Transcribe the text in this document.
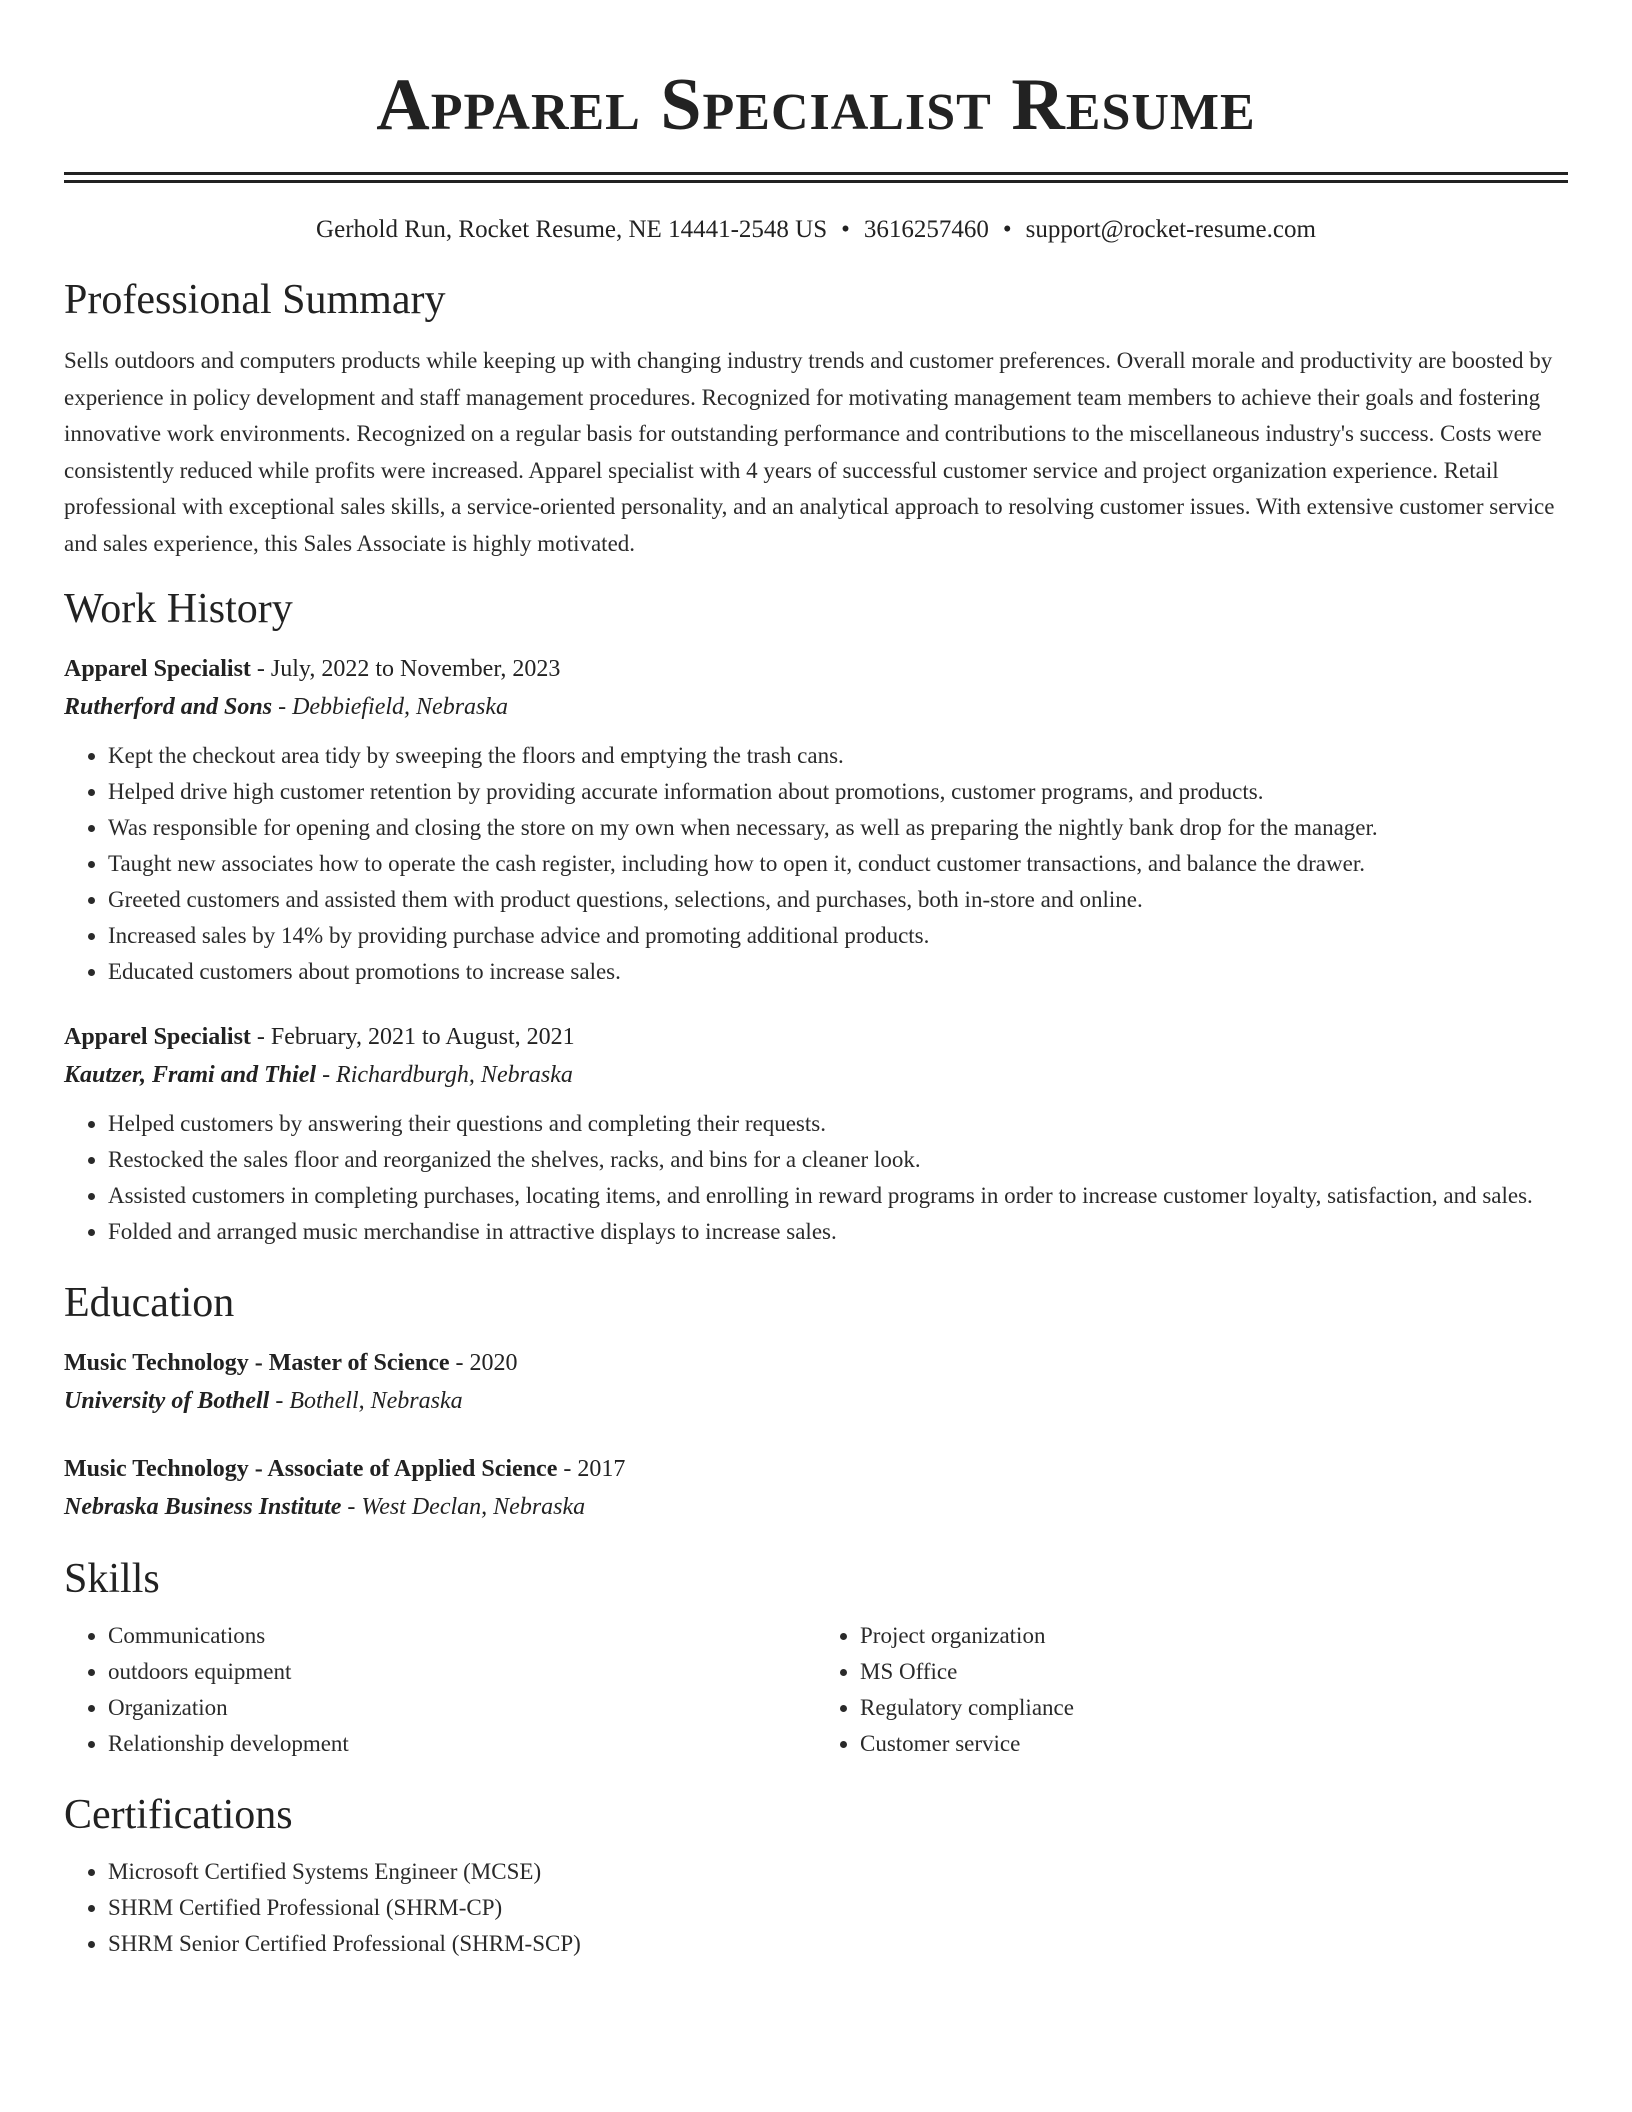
Apparel Specialist Resume
Gerhold Run, Rocket Resume, NE 14441-2548 US • 3616257460 • support@rocket-resume.com
Professional Summary
Sells outdoors and computers products while keeping up with changing industry trends and customer preferences. Overall morale and productivity are boosted by experience in policy development and staff management procedures. Recognized for motivating management team members to achieve their goals and fostering innovative work environments. Recognized on a regular basis for outstanding performance and contributions to the miscellaneous industry's success. Costs were consistently reduced while profits were increased. Apparel specialist with 4 years of successful customer service and project organization experience. Retail professional with exceptional sales skills, a service-oriented personality, and an analytical approach to resolving customer issues. With extensive customer service and sales experience, this Sales Associate is highly motivated.
Work History
Apparel Specialist - July, 2022 to November, 2023
Rutherford and Sons - Debbiefield, Nebraska
• Kept the checkout area tidy by sweeping the floors and emptying the trash cans.
• Helped drive high customer retention by providing accurate information about promotions, customer programs, and products.
• Was responsible for opening and closing the store on my own when necessary, as well as preparing the nightly bank drop for the manager.
• Taught new associates how to operate the cash register, including how to open it, conduct customer transactions, and balance the drawer.
• Greeted customers and assisted them with product questions, selections, and purchases, both in-store and online.
• Increased sales by 14% by providing purchase advice and promoting additional products.
• Educated customers about promotions to increase sales.
Apparel Specialist - February, 2021 to August, 2021
Kautzer, Frami and Thiel - Richardburgh, Nebraska
• Helped customers by answering their questions and completing their requests.
• Restocked the sales floor and reorganized the shelves, racks, and bins for a cleaner look.
• Assisted customers in completing purchases, locating items, and enrolling in reward programs in order to increase customer loyalty, satisfaction, and sales.
• Folded and arranged music merchandise in attractive displays to increase sales.
Education
Music Technology - Master of Science - 2020
University of Bothell - Bothell, Nebraska
Music Technology - Associate of Applied Science - 2017
Nebraska Business Institute - West Declan, Nebraska
Skills
• Communications
• outdoors equipment
• Organization
• Relationship development
• Project organization
• MS Office
• Regulatory compliance
• Customer service
Certifications
• Microsoft Certified Systems Engineer (MCSE)
• SHRM Certified Professional (SHRM-CP)
• SHRM Senior Certified Professional (SHRM-SCP)
